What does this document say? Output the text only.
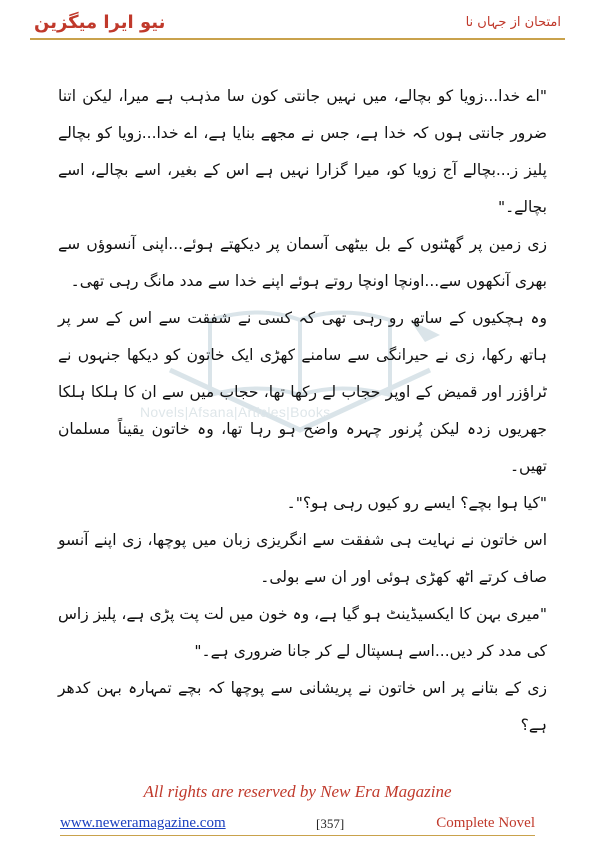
نیو ایرا میگزین	امتحان از جہاں نا
Novels|Afsana|Articles|Books

"اے خدا...زویا کو بچالے، میں نہیں جانتی کون سا مذہب ہے میرا، لیکن اتنا ضرور جانتی ہوں کہ خدا ہے، جس نے مجھے بنایا ہے، اے خدا...زویا کو بچالے پلیز ز...بچالے آج زویا کو، میرا گزارا نہیں ہے اس کے بغیر، اسے بچالے، اسے بچالے۔"

زی زمین پر گھٹنوں کے بل بیٹھی آسمان پر دیکھتے ہوئے...اپنی آنسوؤں سے بھری آنکھوں سے...اونچا اونچا روتے ہوئے اپنے خدا سے مدد مانگ رہی تھی۔

وہ ہچکیوں کے ساتھ رو رہی تھی کہ کسی نے شفقت سے اس کے سر پر ہاتھ رکھا، زی نے حیرانگی سے سامنے کھڑی ایک خاتون کو دیکھا جنہوں نے ٹراؤزر اور قمیض کے اوپر حجاب لے رکھا تھا، حجاب میں سے ان کا ہلکا ہلکا جھریوں زدہ لیکن پُرنور چہرہ واضح ہو رہا تھا، وہ خاتون یقیناً مسلمان تھیں۔

"کیا ہوا بچے؟ ایسے رو کیوں رہی ہو؟"۔

اس خاتون نے نہایت ہی شفقت سے انگریزی زبان میں پوچھا، زی اپنے آنسو صاف کرتے اٹھ کھڑی ہوئی اور ان سے بولی۔

"میری بہن کا ایکسیڈینٹ ہو گیا ہے، وہ خون میں لت پت پڑی ہے، پلیز زاس کی مدد کر دیں...اسے ہسپتال لے کر جانا ضروری ہے۔"

زی کے بتانے پر اس خاتون نے پریشانی سے پوچھا کہ بچے تمہارہ بہن کدھر ہے؟

All rights are reserved by New Era Magazine
www.neweramagazine.com	[357]	Complete Novel
